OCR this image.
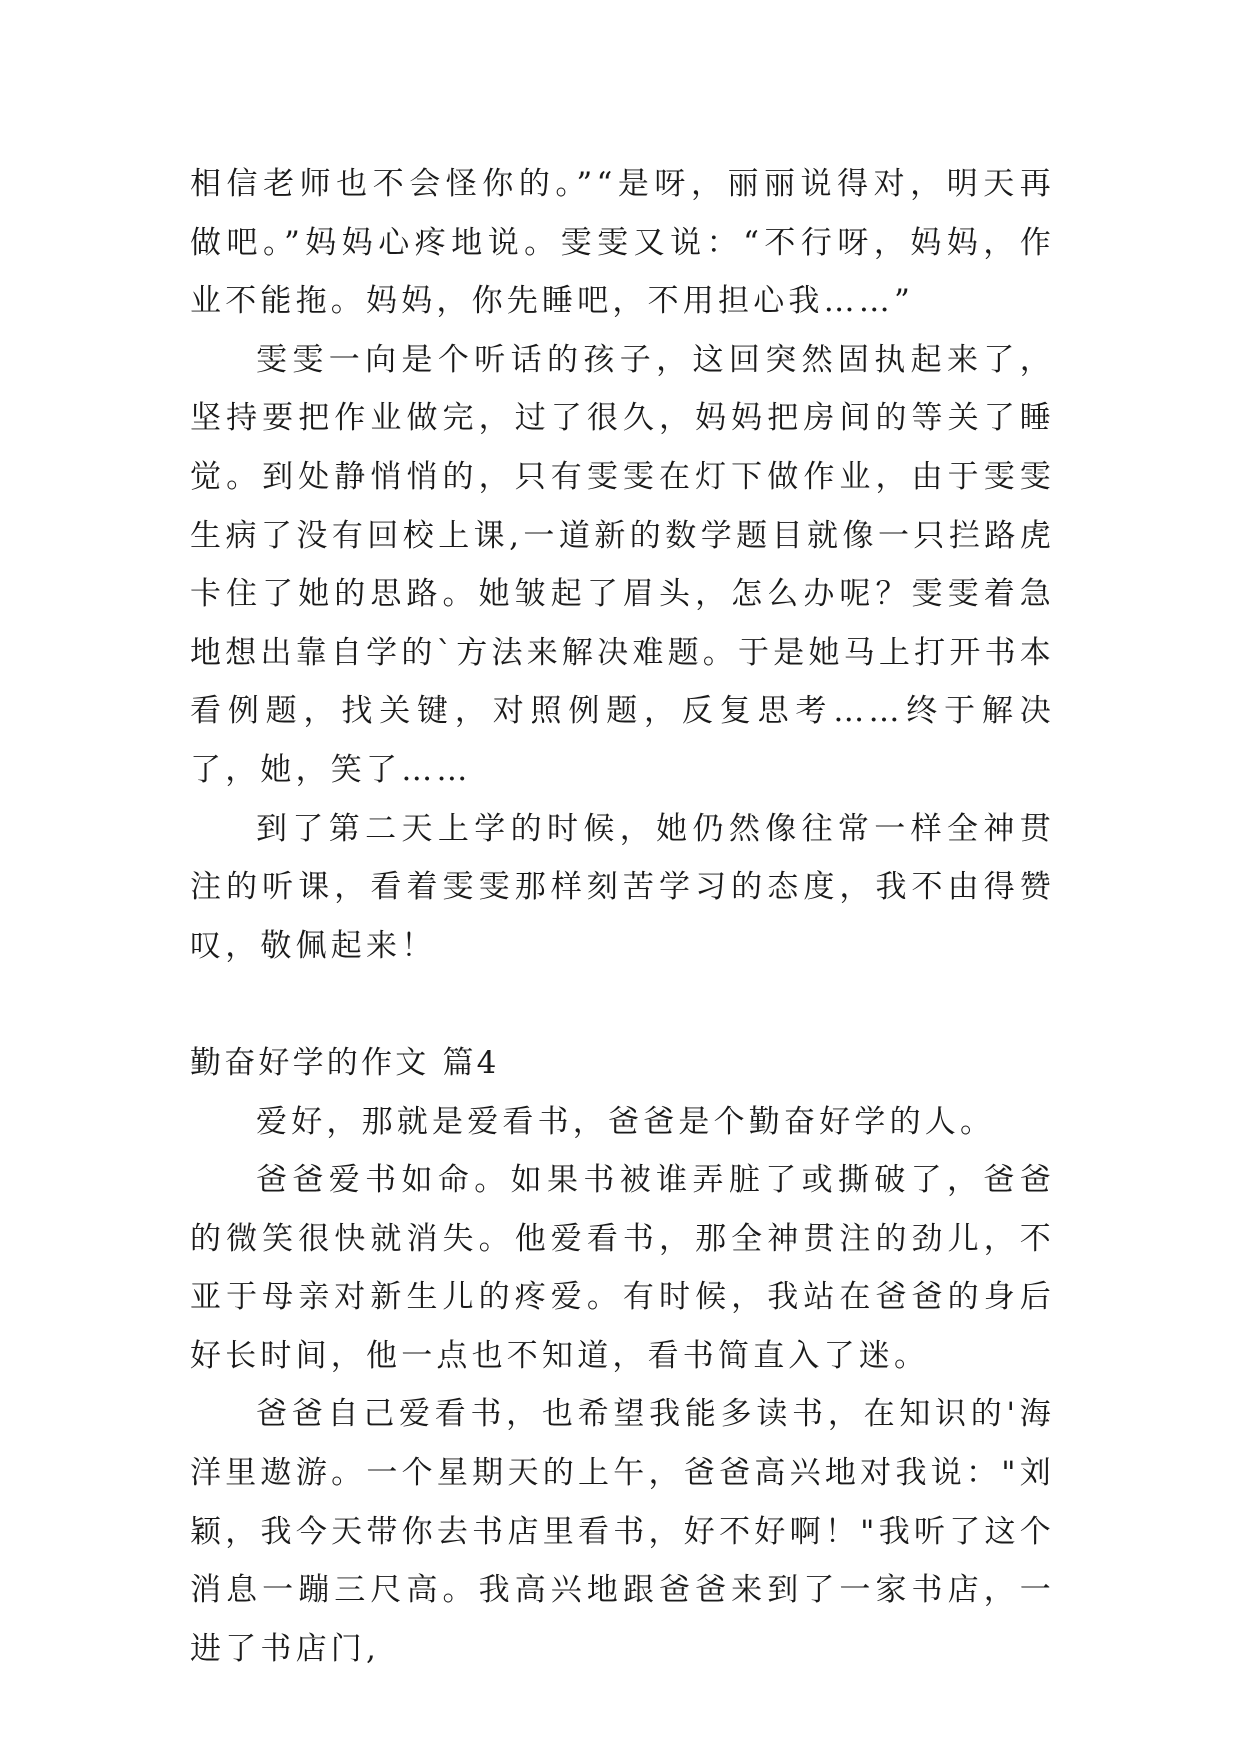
相信老师也不会怪你的。”“是呀，丽丽说得对，明天再做吧。”妈妈心疼地说。雯雯又说：“不行呀，妈妈，作业不能拖。妈妈，你先睡吧，不用担心我……”

雯雯一向是个听话的孩子，这回突然固执起来了，坚持要把作业做完，过了很久，妈妈把房间的等关了睡觉。到处静悄悄的，只有雯雯在灯下做作业，由于雯雯生病了没有回校上课,一道新的数学题目就像一只拦路虎卡住了她的思路。她皱起了眉头，怎么办呢？雯雯着急地想出靠自学的`方法来解决难题。于是她马上打开书本看例题，找关键，对照例题，反复思考……终于解决了，她，笑了……

到了第二天上学的时候，她仍然像往常一样全神贯注的听课，看着雯雯那样刻苦学习的态度，我不由得赞叹，敬佩起来！

勤奋好学的作文 篇4

爱好，那就是爱看书，爸爸是个勤奋好学的人。

爸爸爱书如命。如果书被谁弄脏了或撕破了，爸爸的微笑很快就消失。他爱看书，那全神贯注的劲儿，不亚于母亲对新生儿的疼爱。有时候，我站在爸爸的身后好长时间，他一点也不知道，看书简直入了迷。

爸爸自己爱看书，也希望我能多读书，在知识的'海洋里遨游。一个星期天的上午，爸爸高兴地对我说："刘颖，我今天带你去书店里看书，好不好啊！"我听了这个消息一蹦三尺高。我高兴地跟爸爸来到了一家书店，一进了书店门,
